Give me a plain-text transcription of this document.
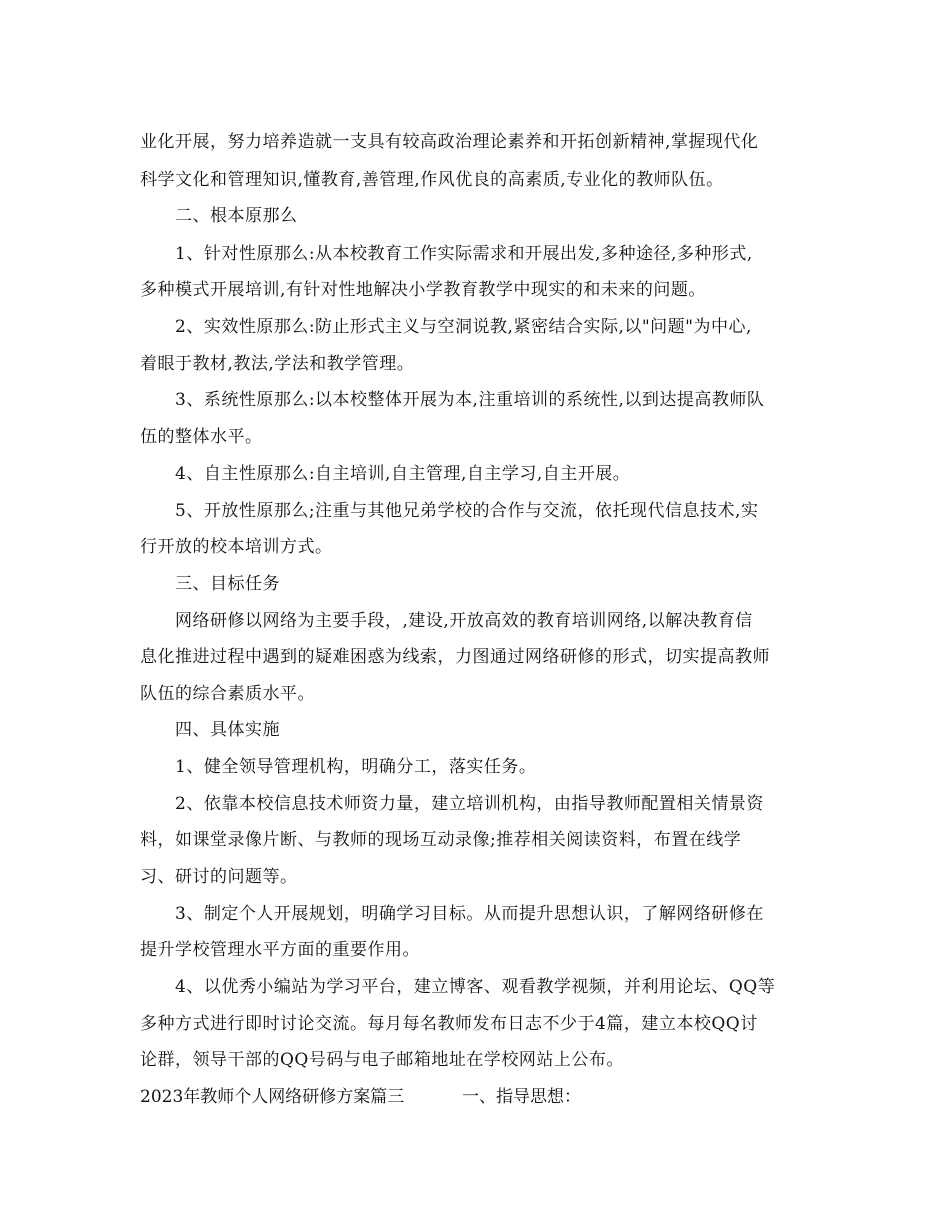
业化开展，努力培养造就一支具有较高政治理论素养和开拓创新精神,掌握现代化
科学文化和管理知识,懂教育,善管理,作风优良的高素质,专业化的教师队伍。
二、根本原那么
1、针对性原那么:从本校教育工作实际需求和开展出发,多种途径,多种形式,
多种模式开展培训,有针对性地解决小学教育教学中现实的和未来的问题。
2、实效性原那么:防止形式主义与空洞说教,紧密结合实际,以"问题"为中心,
着眼于教材,教法,学法和教学管理。
3、系统性原那么:以本校整体开展为本,注重培训的系统性,以到达提高教师队
伍的整体水平。
4、自主性原那么:自主培训,自主管理,自主学习,自主开展。
5、开放性原那么;注重与其他兄弟学校的合作与交流，依托现代信息技术,实
行开放的校本培训方式。
三、目标任务
网络研修以网络为主要手段，,建设,开放高效的教育培训网络,以解决教育信
息化推进过程中遇到的疑难困惑为线索，力图通过网络研修的形式，切实提高教师
队伍的综合素质水平。
四、具体实施
1、健全领导管理机构，明确分工，落实任务。
2、依靠本校信息技术师资力量，建立培训机构，由指导教师配置相关情景资
料，如课堂录像片断、与教师的现场互动录像;推荐相关阅读资料，布置在线学
习、研讨的问题等。
3、制定个人开展规划，明确学习目标。从而提升思想认识，了解网络研修在
提升学校管理水平方面的重要作用。
4、以优秀小编站为学习平台，建立博客、观看教学视频，并利用论坛、QQ等
多种方式进行即时讨论交流。每月每名教师发布日志不少于4篇，建立本校QQ讨
论群，领导干部的QQ号码与电子邮箱地址在学校网站上公布。
2023年教师个人网络研修方案篇三	一、指导思想：
